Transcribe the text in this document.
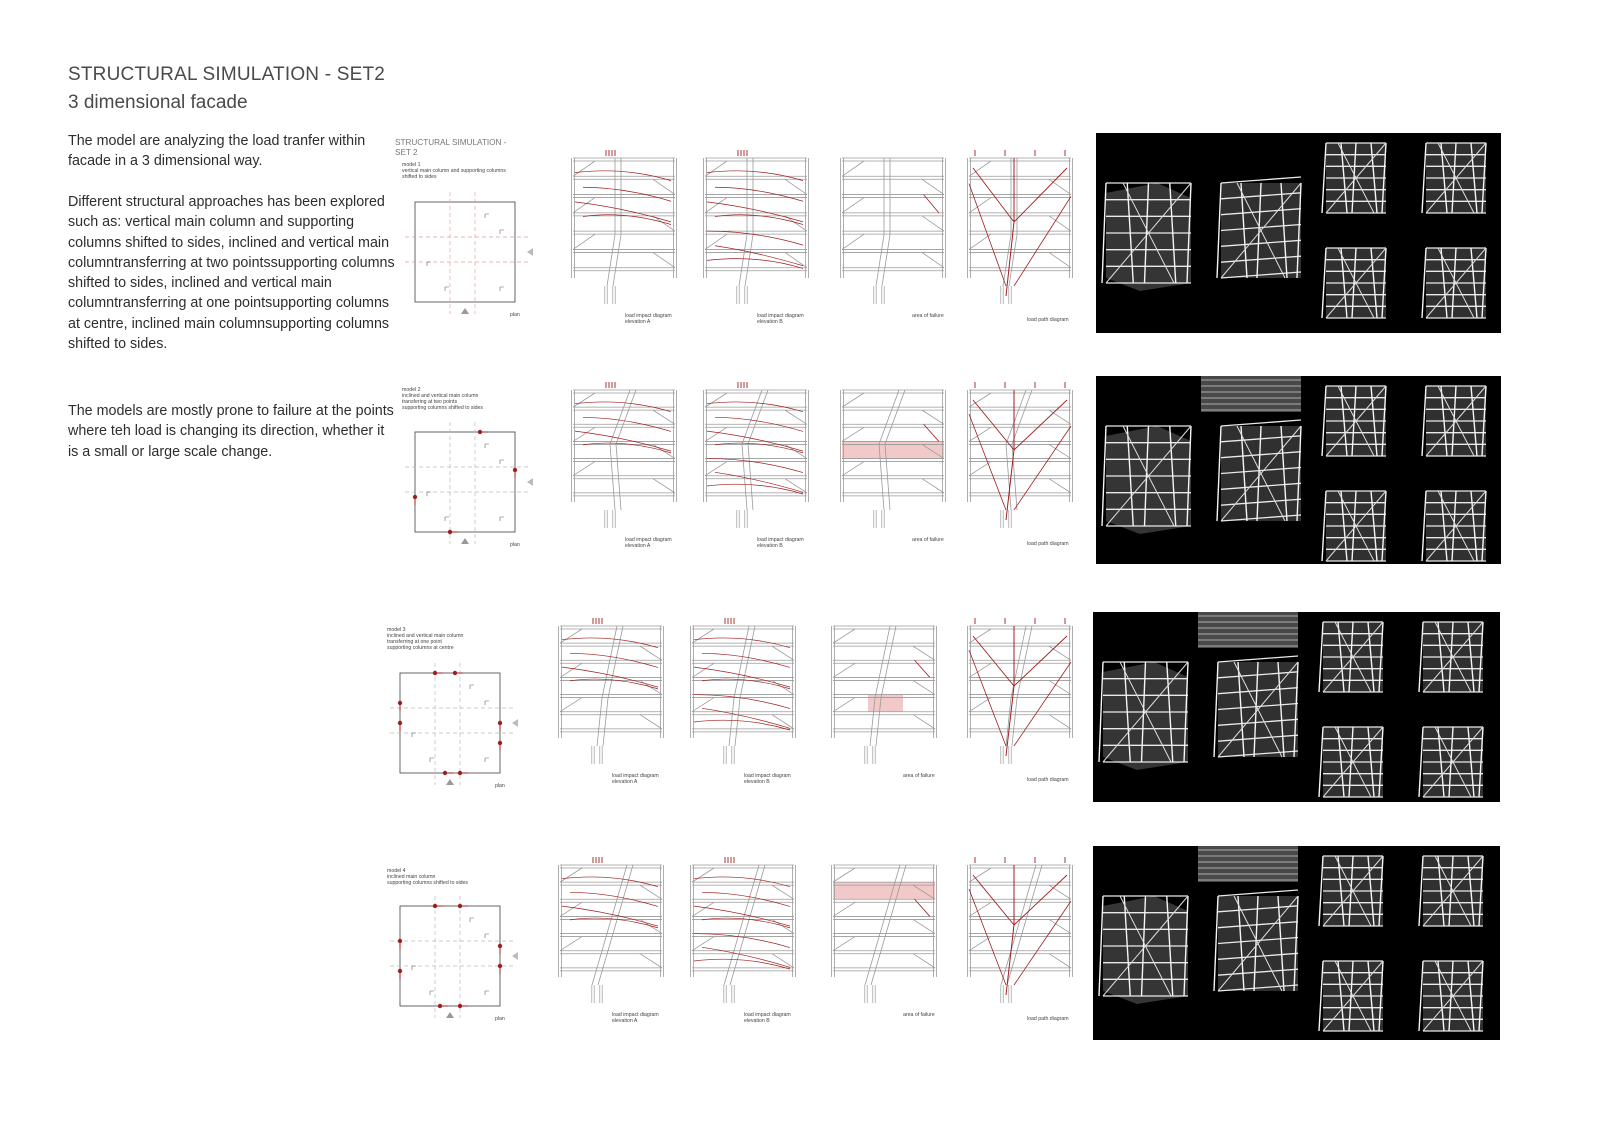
STRUCTURAL SIMULATION - SET2
3 dimensional facade

The model are analyzing the load tranfer within facade in a 3 dimensional way.

Different structural approaches has been explored such as: vertical main column and supporting columns shifted to sides, inclined and vertical main columntransferring at two pointssupporting columns shifted to sides, inclined and vertical main columntransferring at one pointsupporting columns at centre, inclined main columnsupporting columns shifted to sides.

The models are mostly prone to failure at the points where teh load is changing its direction, whether it is a small or large scale change.

STRUCTURAL SIMULATION -
SET 2
model 1
vertical main column and supporting columns
shifted to sides
plan	load impact diagram
elevation A
load impact diagram
elevation B
area of failure
load path diagram
model 2
inclined and vertical main column
transfering at two points
supporting columns shifted to sides
plan
load impact diagram
elevation A
load impact diagram
elevation B
area of failure
load path diagram
model 3
inclined and vertical main column
transferring at one point
supporting columns at centre
plan
load impact diagram
elevation A
load impact diagram
elevation B
area of failure
load path diagram
model 4
inclined main column
supporting columns shifted to sides
plan
load impact diagram
elevation A
load impact diagram
elevation B
area of failure
load path diagram
